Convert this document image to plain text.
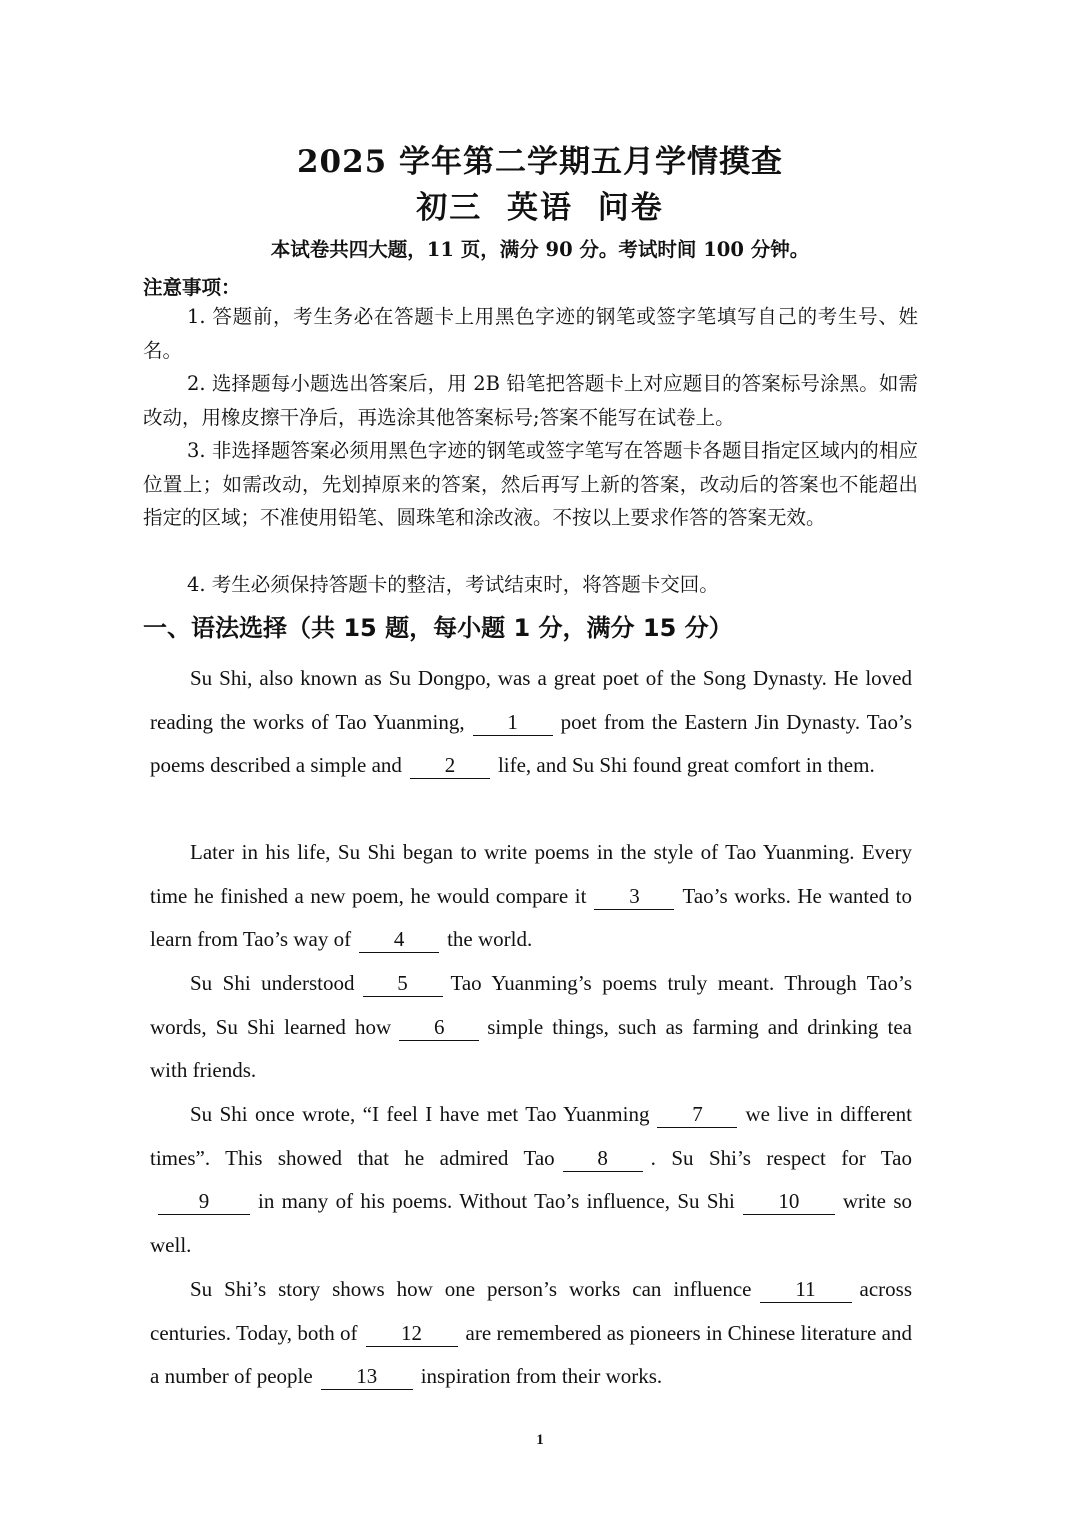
2025 学年第二学期五月学情摸查
初三 英语 问卷
本试卷共四大题，11 页，满分 90 分。考试时间 100 分钟。
注意事项：
1. 答题前，考生务必在答题卡上用黑色字迹的钢笔或签字笔填写自己的考生号、姓名。
2. 选择题每小题选出答案后，用 2B 铅笔把答题卡上对应题目的答案标号涂黑。如需改动，用橡皮擦干净后，再选涂其他答案标号;答案不能写在试卷上。
3. 非选择题答案必须用黑色字迹的钢笔或签字笔写在答题卡各题目指定区域内的相应位置上；如需改动，先划掉原来的答案，然后再写上新的答案，改动后的答案也不能超出指定的区域；不准使用铅笔、圆珠笔和涂改液。不按以上要求作答的答案无效。
4. 考生必须保持答题卡的整洁，考试结束时，将答题卡交回。
一、语法选择（共 15 题，每小题 1 分，满分 15 分）
Su Shi, also known as Su Dongpo, was a great poet of the Song Dynasty. He loved reading the works of Tao Yuanming, 1 poet from the Eastern Jin Dynasty. Tao’s poems described a simple and 2 life, and Su Shi found great comfort in them.
Later in his life, Su Shi began to write poems in the style of Tao Yuanming. Every time he finished a new poem, he would compare it 3 Tao’s works. He wanted to learn from Tao’s way of 4 the world.
Su Shi understood 5 Tao Yuanming’s poems truly meant. Through Tao’s words, Su Shi learned how 6 simple things, such as farming and drinking tea with friends.
Su Shi once wrote, “I feel I have met Tao Yuanming 7 we live in different times”. This showed that he admired Tao 8 . Su Shi’s respect for Tao 9 in many of his poems. Without Tao’s influence, Su Shi 10 write so well.
Su Shi’s story shows how one person’s works can influence 11 across centuries. Today, both of 12 are remembered as pioneers in Chinese literature and a number of people 13 inspiration from their works.
1
